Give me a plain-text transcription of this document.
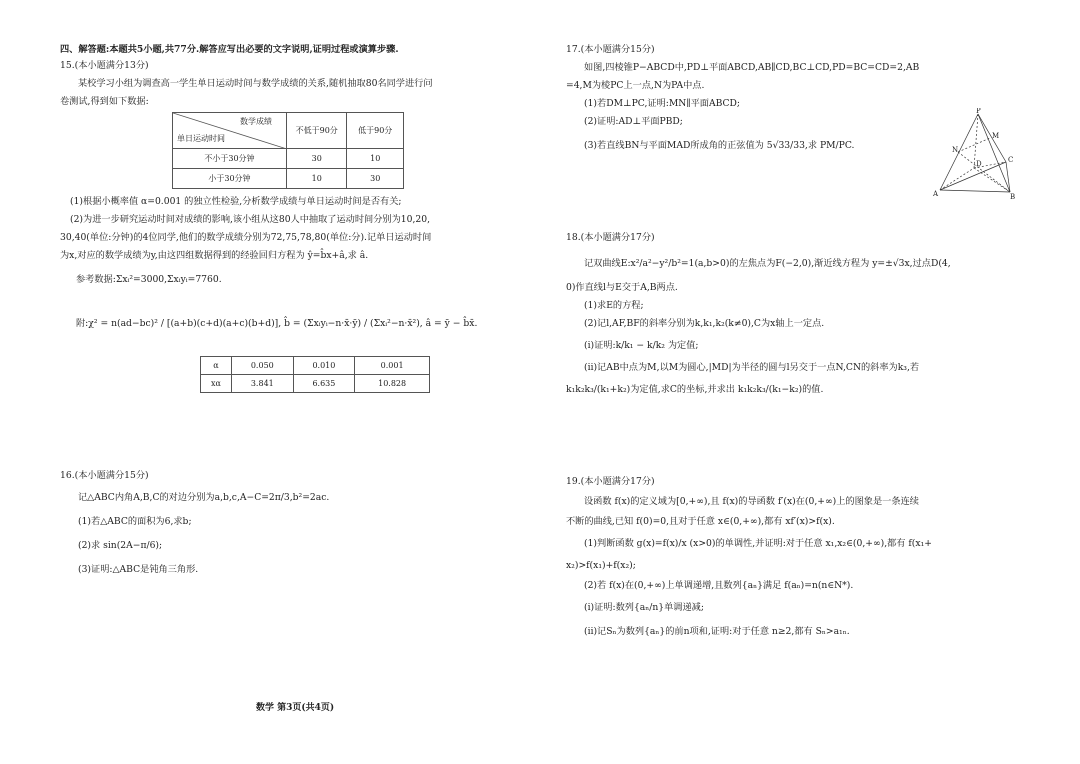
四、解答题:本题共5小题,共77分.解答应写出必要的文字说明,证明过程或演算步骤.
15.(本小题满分13分)
某校学习小组为调查高一学生单日运动时间与数学成绩的关系,随机抽取80名同学进行问
卷测试,得到如下数据:
数学成绩
单日运动时间	不低于90分	低于90分
不小于30分钟	30	10
小于30分钟	10	30
(1)根据小概率值 α=0.001 的独立性检验,分析数学成绩与单日运动时间是否有关;
(2)为进一步研究运动时间对成绩的影响,该小组从这80人中抽取了运动时间分别为10,20,
30,40(单位:分钟)的4位同学,他们的数学成绩分别为72,75,78,80(单位:分).记单日运动时间
为x,对应的数学成绩为y,由这四组数据得到的经验回归方程为 ŷ=b̂x+â,求 â.
参考数据:Σxᵢ²=3000,Σxᵢyᵢ=7760.
附:χ² = n(ad−bc)² / [(a+b)(c+d)(a+c)(b+d)], b̂ = (Σxᵢyᵢ−n·x̄·ȳ) / (Σxᵢ²−n·x̄²), â = ȳ − b̂x̄.
α	0.050	0.010	0.001
xα	3.841	6.635	10.828
16.(本小题满分15分)
记△ABC内角A,B,C的对边分别为a,b,c,A−C=2π/3,b²=2ac.
(1)若△ABC的面积为6,求b;
(2)求 sin(2A−π/6);
(3)证明:△ABC是钝角三角形.
数学 第3页(共4页)
17.(本小题满分15分)
如图,四棱锥P−ABCD中,PD⊥平面ABCD,AB∥CD,BC⊥CD,PD=BC=CD=2,AB
=4,M为棱PC上一点,N为PA中点.
(1)若DM⊥PC,证明:MN∥平面ABCD;
(2)证明:AD⊥平面PBD;
(3)若直线BN与平面MAD所成角的正弦值为 5√33/33,求 PM/PC.
18.(本小题满分17分)
记双曲线E:x²/a²−y²/b²=1(a,b>0)的左焦点为F(−2,0),渐近线方程为 y=±√3x,过点D(4,
0)作直线l与E交于A,B两点.
(1)求E的方程;
(2)记l,AF,BF的斜率分别为k,k₁,k₂(k≠0),C为x轴上一定点.
(ⅰ)证明:k/k₁ − k/k₂ 为定值;
(ⅱ)记AB中点为M,以M为圆心,|MD|为半径的圆与l另交于一点N,CN的斜率为k₃,若
k₁k₂k₃/(k₁+k₂)为定值,求C的坐标,并求出 k₁k₂k₃/(k₁−k₂)的值.
19.(本小题满分17分)
设函数 f(x)的定义域为[0,+∞),且 f(x)的导函数 f′(x)在(0,+∞)上的图象是一条连续
不断的曲线,已知 f(0)=0,且对于任意 x∈(0,+∞),都有 xf′(x)>f(x).
(1)判断函数 g(x)=f(x)/x (x>0)的单调性,并证明:对于任意 x₁,x₂∈(0,+∞),都有 f(x₁+
x₂)>f(x₁)+f(x₂);
(2)若 f(x)在(0,+∞)上单调递增,且数列{aₙ}满足 f(aₙ)=n(n∈N*).
(ⅰ)证明:数列{aₙ/n}单调递减;
(ⅱ)记Sₙ为数列{aₙ}的前n项和,证明:对于任意 n≥2,都有 Sₙ>a₁ₙ.
P
M
N
D	C
A	B
